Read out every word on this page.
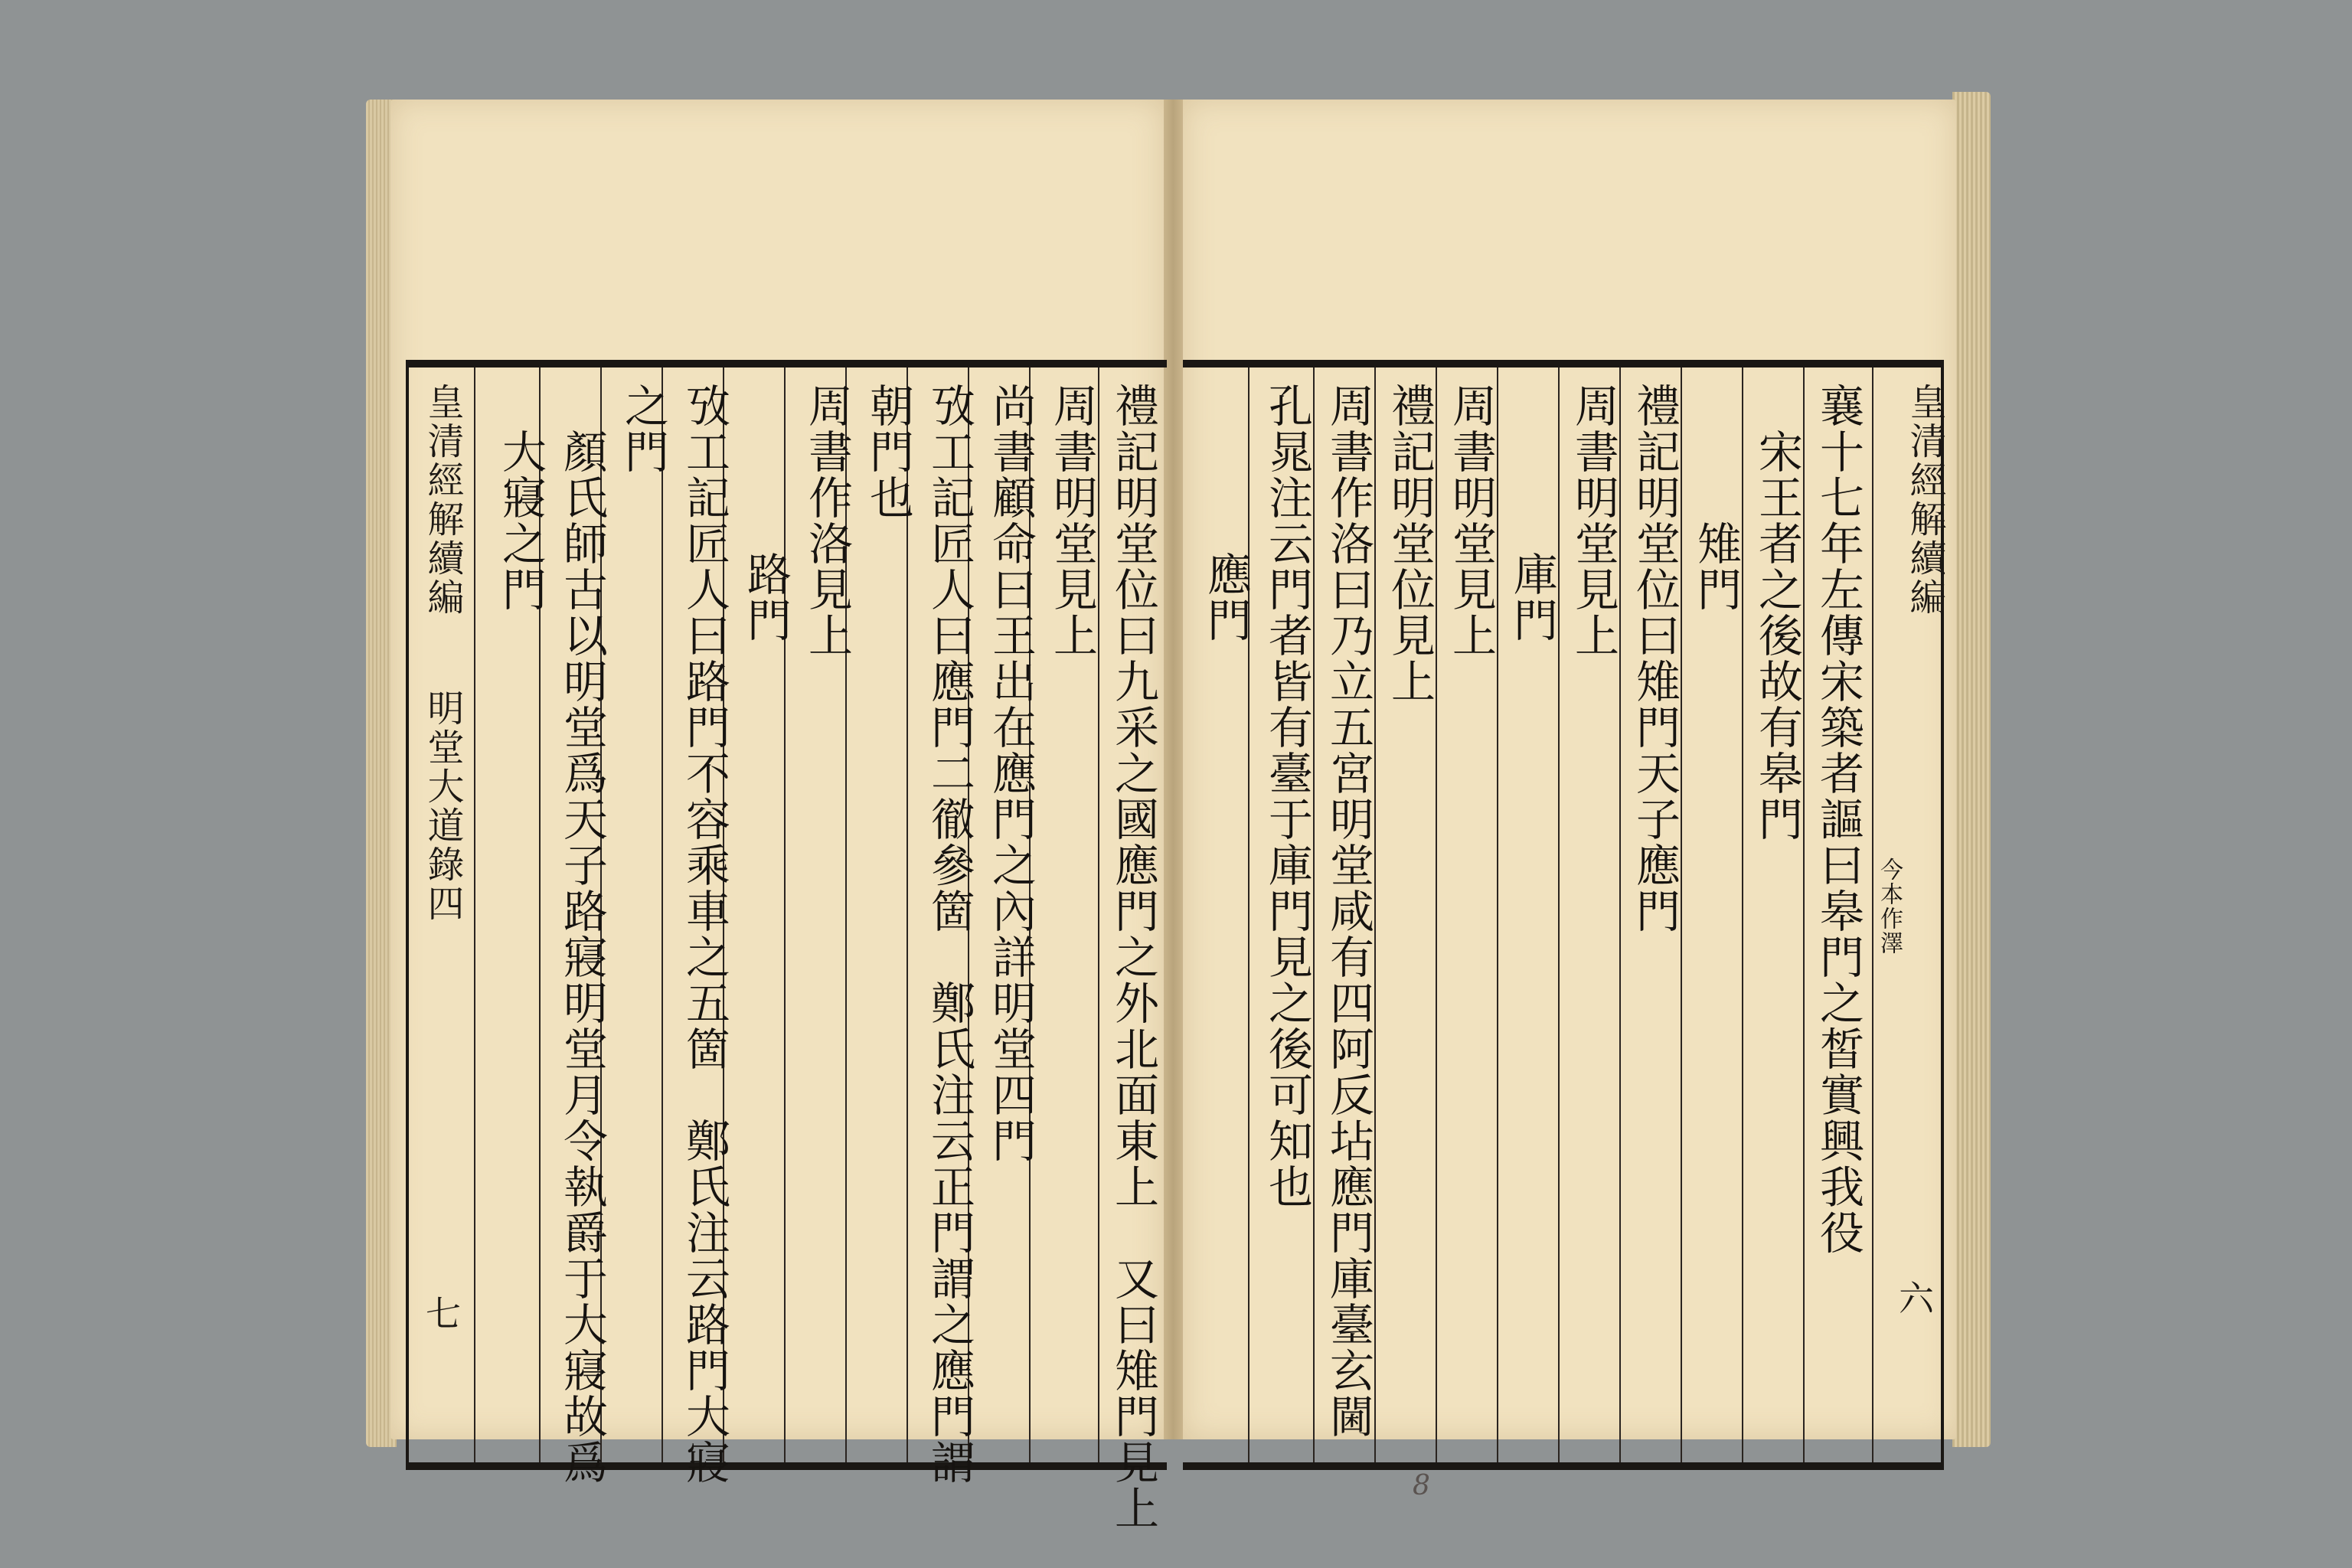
禮記明堂位曰九采之國應門之外北面東上　又曰雉門見上
周書明堂見上
尚書顧命曰王出在應門之內詳明堂四門
攷工記匠人曰應門二徹參箇　鄭氏注云正門謂之應門謂
朝門也
周書作洛見上
路門
攷工記匠人曰路門不容乘車之五箇　鄭氏注云路門大寢
之門
顏氏師古以明堂爲天子路寢明堂月令執爵于大寢故爲
大寢之門
皇清經解續編
明堂大道錄四
七
襄十七年左傳宋築者謳曰皋門之皙實興我役
宋王者之後故有皋門
雉門
禮記明堂位曰雉門天子應門
周書明堂見上
庫門
周書明堂見上
禮記明堂位見上
周書作洛曰乃立五宮明堂咸有四阿反坫應門庫臺玄閫
孔晁注云門者皆有臺于庫門見之後可知也
應門
今本作澤
皇清經解續編
六
8
